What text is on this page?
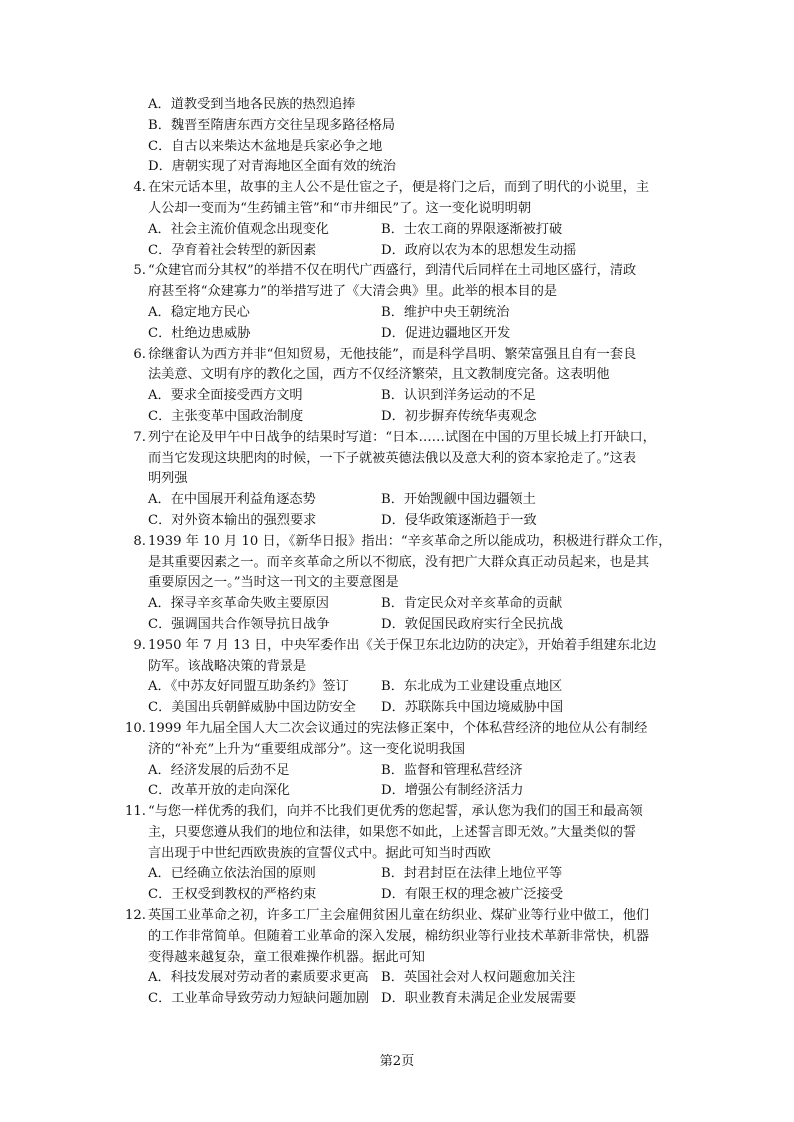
A．道教受到当地各民族的热烈追捧
B．魏晋至隋唐东西方交往呈现多路径格局
C．自古以来柴达木盆地是兵家必争之地
D．唐朝实现了对青海地区全面有效的统治
4. 在宋元话本里，故事的主人公不是仕宦之子，便是将门之后，而到了明代的小说里，主
人公却一变而为“生药铺主管”和“市井细民”了。这一变化说明明朝
A．社会主流价值观念出现变化	B．士农工商的界限逐渐被打破
C．孕育着社会转型的新因素	D．政府以农为本的思想发生动摇
5. “众建官而分其权”的举措不仅在明代广西盛行，到清代后同样在土司地区盛行，清政
府甚至将“众建寡力”的举措写进了《大清会典》里。此举的根本目的是
A．稳定地方民心	B．维护中央王朝统治
C．杜绝边患威胁	D．促进边疆地区开发
6. 徐继畬认为西方并非“但知贸易，无他技能”，而是科学昌明、繁荣富强且自有一套良
法美意、文明有序的教化之国，西方不仅经济繁荣，且文教制度完备。这表明他
A．要求全面接受西方文明	B．认识到洋务运动的不足
C．主张变革中国政治制度	D．初步摒弃传统华夷观念
7. 列宁在论及甲午中日战争的结果时写道：“日本……试图在中国的万里长城上打开缺口，
而当它发现这块肥肉的时候，一下子就被英德法俄以及意大利的资本家抢走了。”这表
明列强
A．在中国展开利益角逐态势	B．开始觊觎中国边疆领土
C．对外资本输出的强烈要求	D．侵华政策逐渐趋于一致
8. 1939 年 10 月 10 日，《新华日报》指出：“辛亥革命之所以能成功，积极进行群众工作，
是其重要因素之一。而辛亥革命之所以不彻底，没有把广大群众真正动员起来，也是其
重要原因之一。”当时这一刊文的主要意图是
A．探寻辛亥革命失败主要原因	B．肯定民众对辛亥革命的贡献
C．强调国共合作领导抗日战争	D．敦促国民政府实行全民抗战
9. 1950 年 7 月 13 日，中央军委作出《关于保卫东北边防的决定》，开始着手组建东北边
防军。该战略决策的背景是
A．《中苏友好同盟互助条约》签订	B．东北成为工业建设重点地区
C．美国出兵朝鲜威胁中国边防安全	D．苏联陈兵中国边境威胁中国
10. 1999 年九届全国人大二次会议通过的宪法修正案中，个体私营经济的地位从公有制经
济的“补充”上升为“重要组成部分”。这一变化说明我国
A．经济发展的后劲不足	B．监督和管理私营经济
C．改革开放的走向深化	D．增强公有制经济活力
11. “与您一样优秀的我们，向并不比我们更优秀的您起誓，承认您为我们的国王和最高领
主，只要您遵从我们的地位和法律，如果您不如此，上述誓言即无效。”大量类似的誓
言出现于中世纪西欧贵族的宣誓仪式中。据此可知当时西欧
A．已经确立依法治国的原则	B．封君封臣在法律上地位平等
C．王权受到教权的严格约束	D．有限王权的理念被广泛接受
12. 英国工业革命之初，许多工厂主会雇佣贫困儿童在纺织业、煤矿业等行业中做工，他们
的工作非常简单。但随着工业革命的深入发展，棉纺织业等行业技术革新非常快，机器
变得越来越复杂，童工很难操作机器。据此可知
A．科技发展对劳动者的素质要求更高 B．英国社会对人权问题愈加关注
C．工业革命导致劳动力短缺问题加剧 D．职业教育未满足企业发展需要
第2页
